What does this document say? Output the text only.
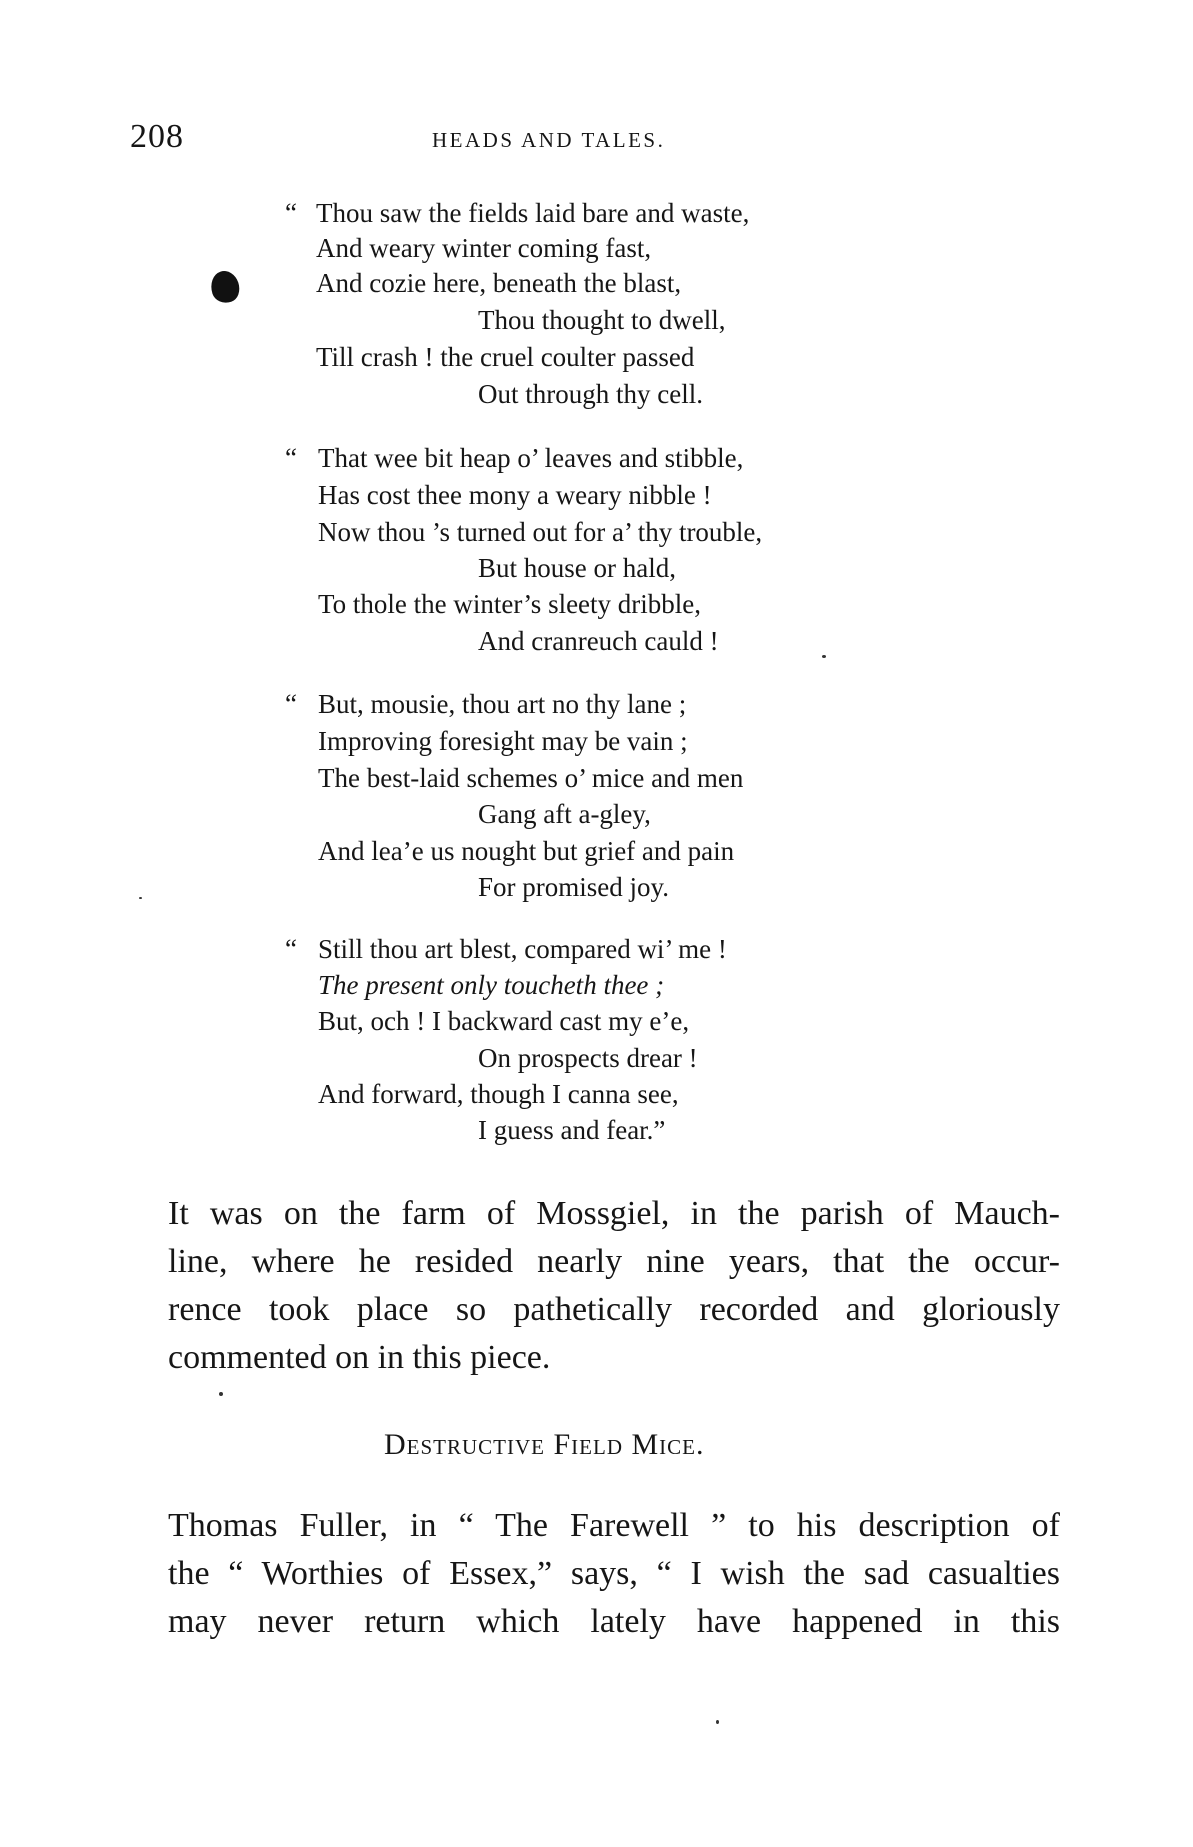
208	HEADS AND TALES.
“ Thou saw the fields laid bare and waste,
And weary winter coming fast,
And cozie here, beneath the blast,
Thou thought to dwell,
Till crash ! the cruel coulter passed
Out through thy cell.
“ That wee bit heap o’ leaves and stibble,
Has cost thee mony a weary nibble !
Now thou ’s turned out for a’ thy trouble,
But house or hald,
To thole the winter’s sleety dribble,
And cranreuch cauld !
“ But, mousie, thou art no thy lane ;
Improving foresight may be vain ;
The best-laid schemes o’ mice and men
Gang aft a-gley,
And lea’e us nought but grief and pain
For promised joy.
“ Still thou art blest, compared wi’ me !
The present only toucheth thee ;
But, och ! I backward cast my e’e,
On prospects drear !
And forward, though I canna see,
I guess and fear.”
It was on the farm of Mossgiel, in the parish of Mauch-
line, where he resided nearly nine years, that the occur-
rence took place so pathetically recorded and gloriously
commented on in this piece.
Destructive Field Mice.
Thomas Fuller, in “ The Farewell ” to his description of
the “ Worthies of Essex,” says, “ I wish the sad casualties
may never return which lately have happened in this
